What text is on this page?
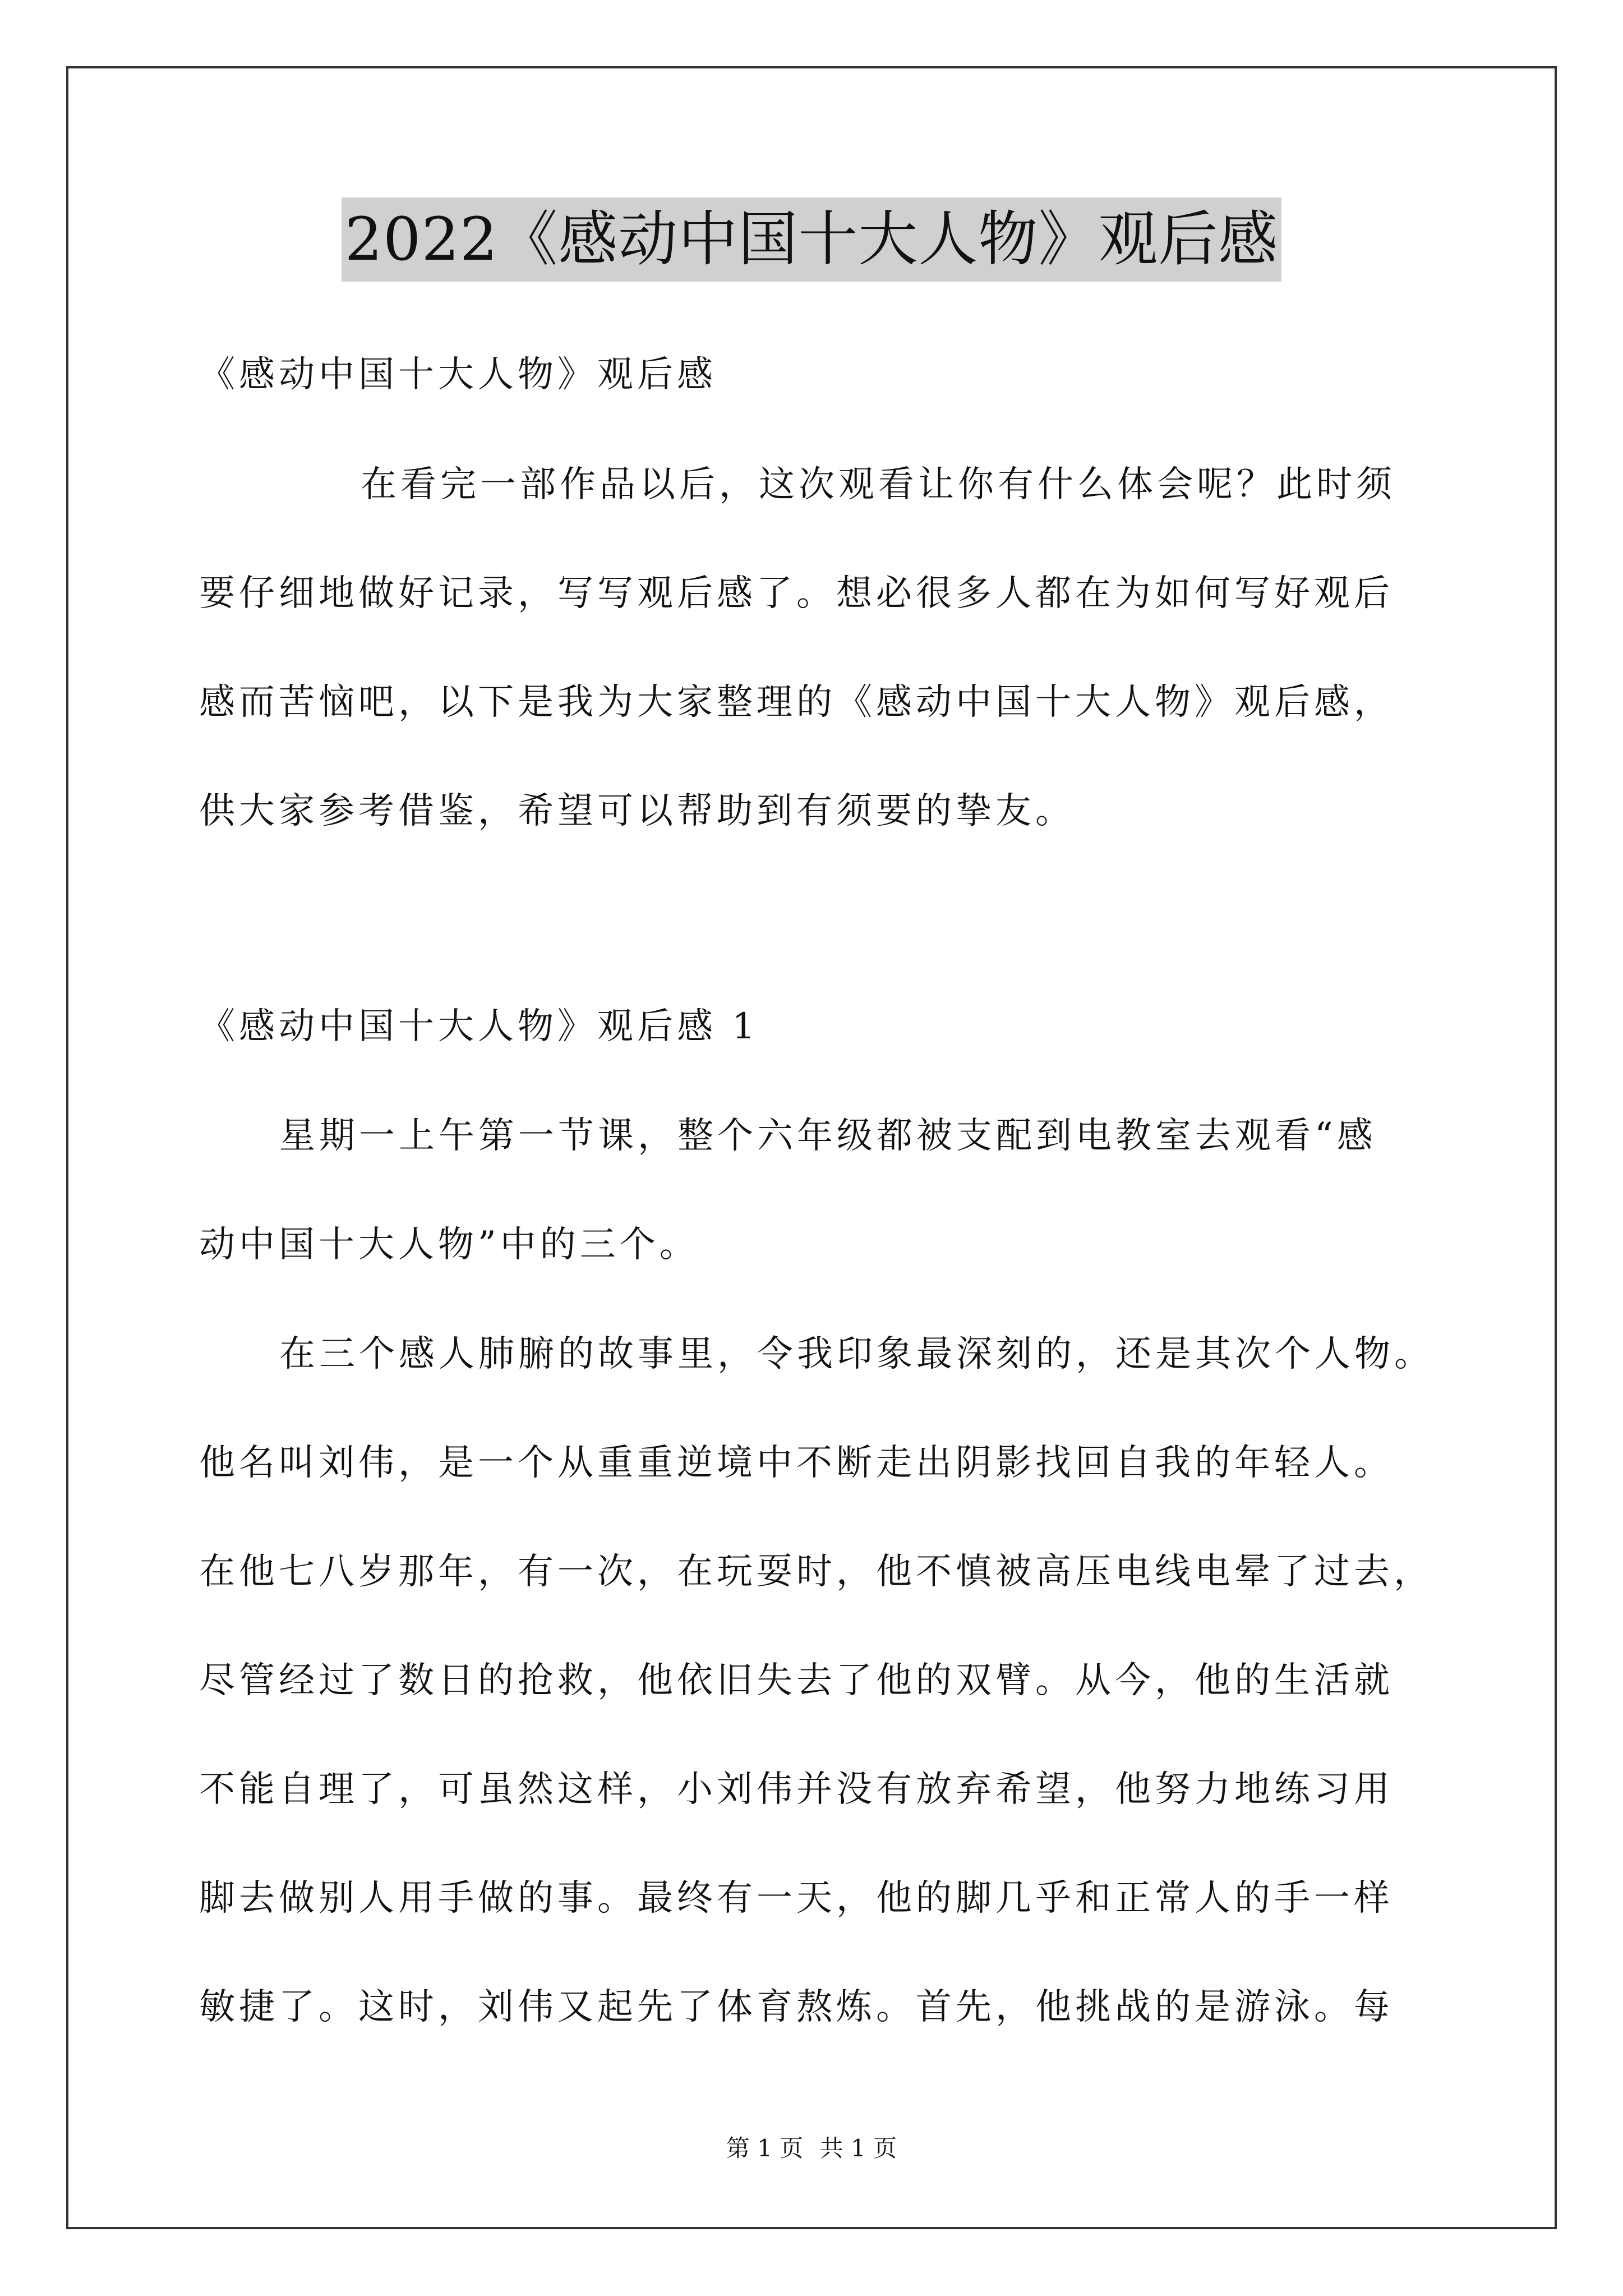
2022《感动中国十大人物》观后感
《感动中国十大人物》观后感
在看完一部作品以后，这次观看让你有什么体会呢？此时须
要仔细地做好记录，写写观后感了。想必很多人都在为如何写好观后
感而苦恼吧，以下是我为大家整理的《感动中国十大人物》观后感，
供大家参考借鉴，希望可以帮助到有须要的挚友。
《感动中国十大人物》观后感 1
星期一上午第一节课，整个六年级都被支配到电教室去观看“感
动中国十大人物”中的三个。
在三个感人肺腑的故事里，令我印象最深刻的，还是其次个人物。
他名叫刘伟，是一个从重重逆境中不断走出阴影找回自我的年轻人。
在他七八岁那年，有一次，在玩耍时，他不慎被高压电线电晕了过去，
尽管经过了数日的抢救，他依旧失去了他的双臂。从今，他的生活就
不能自理了，可虽然这样，小刘伟并没有放弃希望，他努力地练习用
脚去做别人用手做的事。最终有一天，他的脚几乎和正常人的手一样
敏捷了。这时，刘伟又起先了体育熬炼。首先，他挑战的是游泳。每
第 1 页 共 1 页
